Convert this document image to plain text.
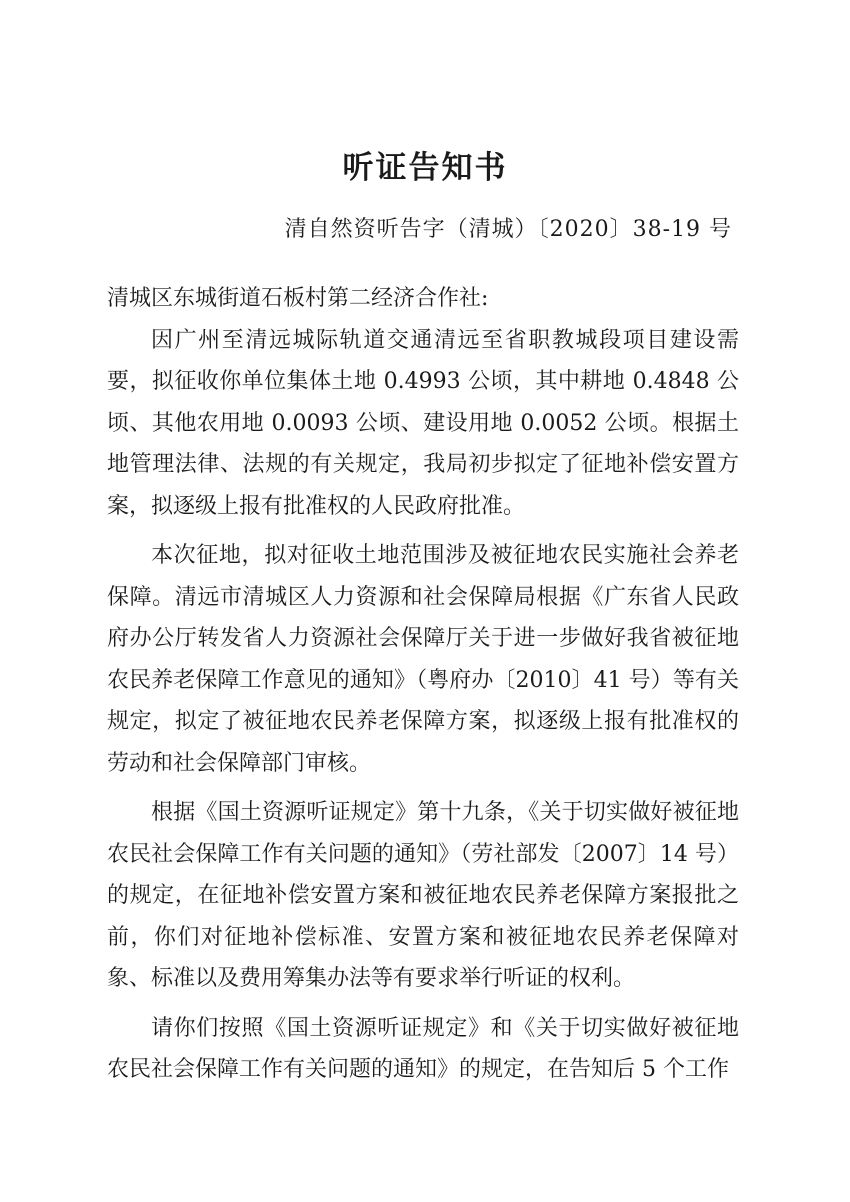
听证告知书
清自然资听告字（清城）〔2020〕38-19 号

清城区东城街道石板村第二经济合作社:

因广州至清远城际轨道交通清远至省职教城段项目建设需要，拟征收你单位集体土地 0.4993 公顷，其中耕地 0.4848 公顷、其他农用地 0.0093 公顷、建设用地 0.0052 公顷。根据土地管理法律、法规的有关规定，我局初步拟定了征地补偿安置方案，拟逐级上报有批准权的人民政府批准。

本次征地，拟对征收土地范围涉及被征地农民实施社会养老保障。清远市清城区人力资源和社会保障局根据《广东省人民政府办公厅转发省人力资源社会保障厅关于进一步做好我省被征地农民养老保障工作意见的通知》（粤府办〔2010〕41 号）等有关规定，拟定了被征地农民养老保障方案，拟逐级上报有批准权的劳动和社会保障部门审核。

根据《国土资源听证规定》第十九条，《关于切实做好被征地农民社会保障工作有关问题的通知》（劳社部发〔2007〕14 号）的规定，在征地补偿安置方案和被征地农民养老保障方案报批之前，你们对征地补偿标准、安置方案和被征地农民养老保障对象、标准以及费用筹集办法等有要求举行听证的权利。

请你们按照《国土资源听证规定》和《关于切实做好被征地农民社会保障工作有关问题的通知》的规定，在告知后 5 个工作
